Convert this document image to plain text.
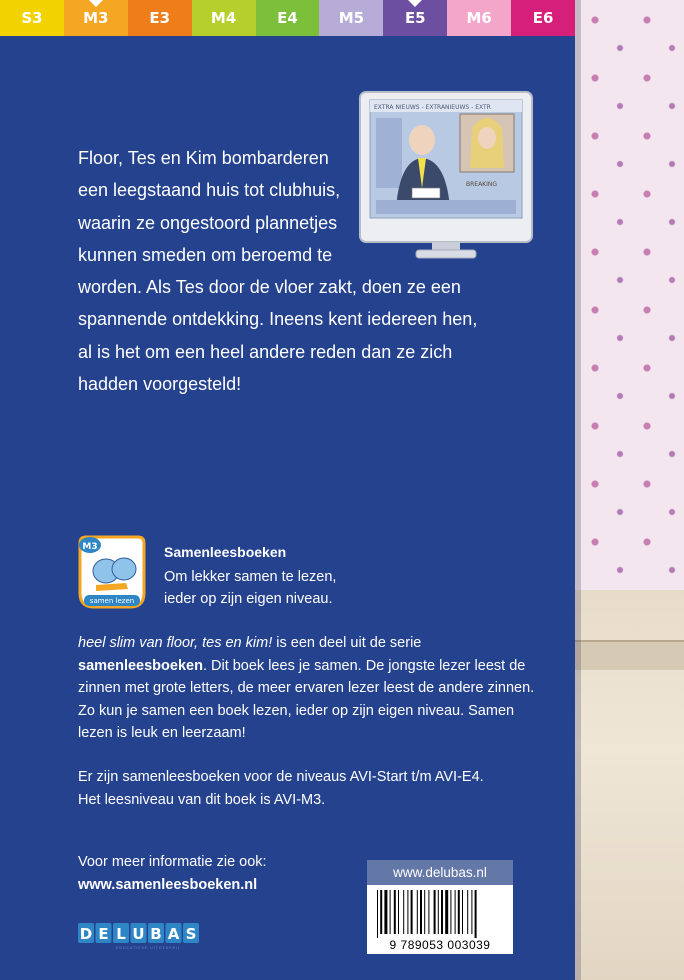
S3	M3	E3	M4	E4	M5	E5	M6	E6
EXTRA NIEUWS - EXTRANIEUWS - EXTR
BREAKING
Floor, Tes en Kim bombarderen
een leegstaand huis tot clubhuis,
waarin ze ongestoord plannetjes
kunnen smeden om beroemd te
worden. Als Tes door de vloer zakt, doen ze een
spannende ontdekking. Ineens kent iedereen hen,
al is het om een heel andere reden dan ze zich
hadden voorgesteld!
M3
samen lezen
Samenleesboeken
Om lekker samen te lezen,
ieder op zijn eigen niveau.
heel slim van floor, tes en kim! is een deel uit de serie
samenleesboeken. Dit boek lees je samen. De jongste lezer leest de zinnen met grote letters, de meer ervaren lezer leest de andere zinnen. Zo kun je samen een boek lezen, ieder op zijn eigen niveau. Samen lezen is leuk en leerzaam!
Er zijn samenleesboeken voor de niveaus AVI-Start t/m AVI-E4.
Het leesniveau van dit boek is AVI-M3.
Voor meer informatie zie ook:
www.samenleesboeken.nl
D E L U B A S
EDUCATIEVE UITGEVERIJ
www.delubas.nl
9 789053 003039
